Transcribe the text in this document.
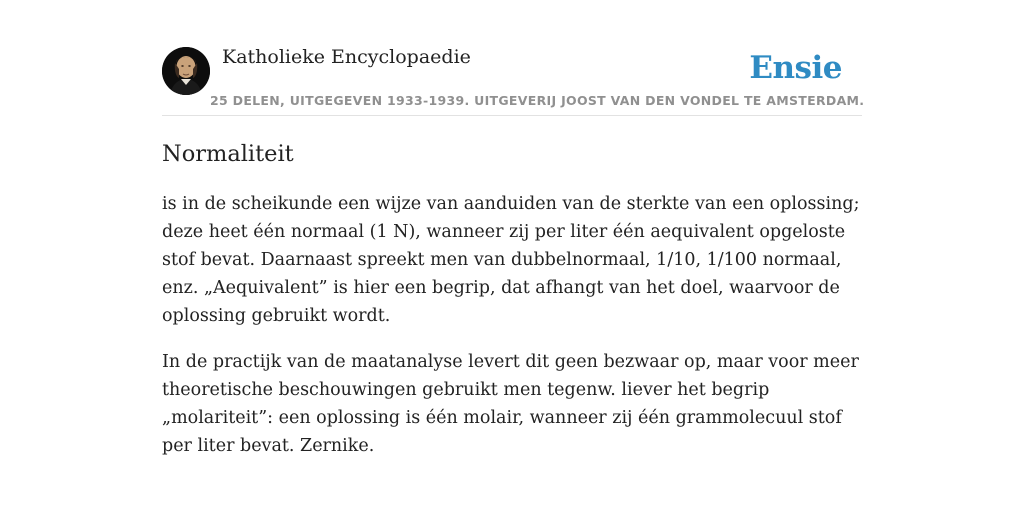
Katholieke Encyclopaedie	Ensie
25 DELEN, UITGEGEVEN 1933-1939. UITGEVERIJ JOOST VAN DEN VONDEL TE AMSTERDAM.
Normaliteit

is in de scheikunde een wijze van aanduiden van de sterkte van een oplossing; deze heet één normaal (1 N), wanneer zij per liter één aequivalent opgeloste stof bevat. Daarnaast spreekt men van dubbelnormaal, 1/10, 1/100 normaal, enz. „Aequivalent” is hier een begrip, dat afhangt van het doel, waarvoor de oplossing gebruikt wordt.

In de practijk van de maatanalyse levert dit geen bezwaar op, maar voor meer theoretische beschouwingen gebruikt men tegenw. liever het begrip „molariteit”: een oplossing is één molair, wanneer zij één grammolecuul stof per liter bevat. Zernike.
